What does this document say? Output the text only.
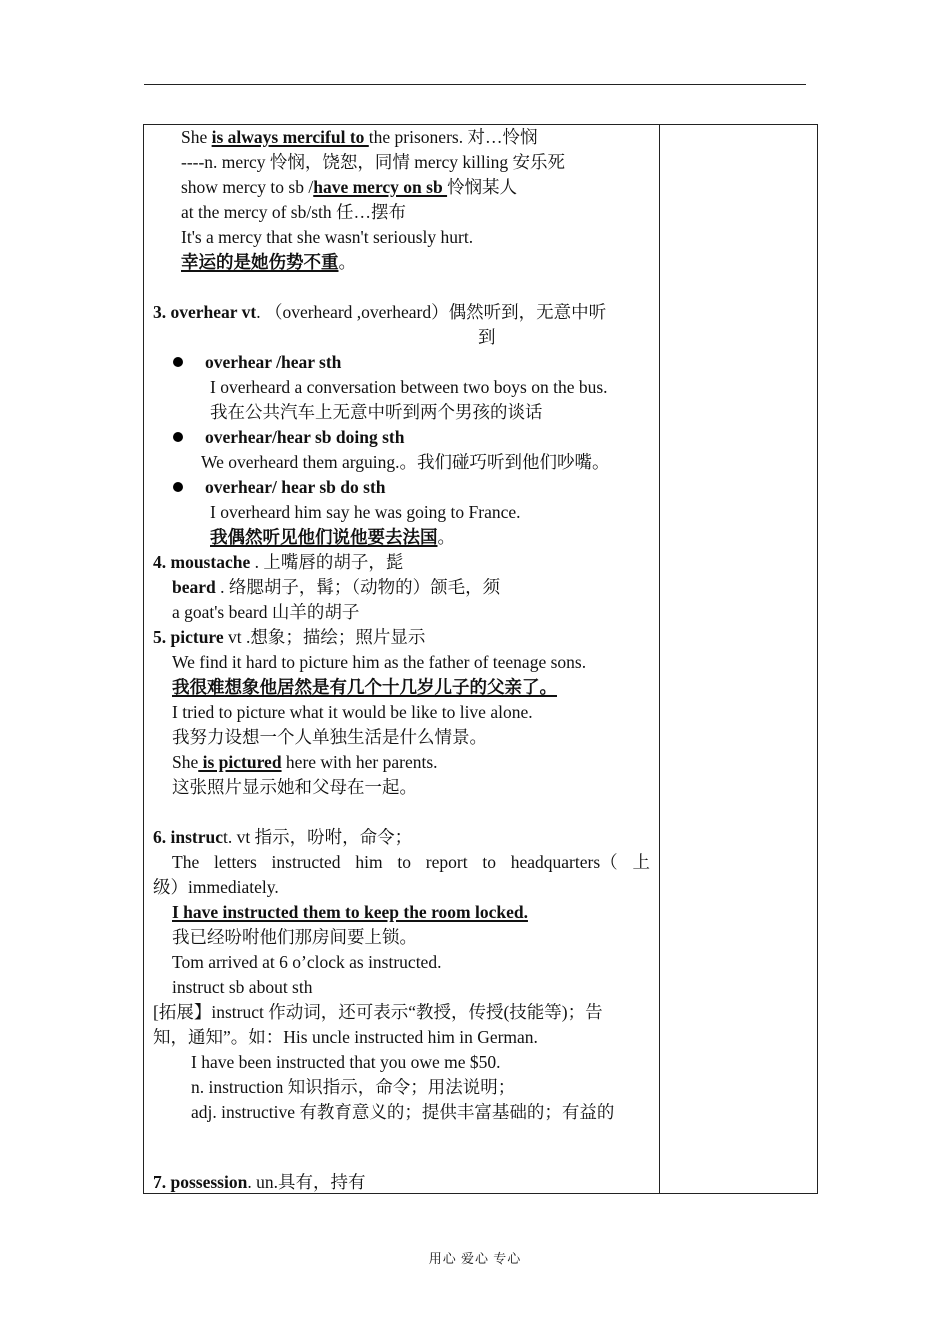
She is always merciful to the prisoners. 对…怜悯
----n. mercy 怜悯，饶恕，同情 mercy killing 安乐死
show mercy to sb /have mercy on sb 怜悯某人
at the mercy of sb/sth 任…摆布
It's a mercy that she wasn't seriously hurt.
幸运的是她伤势不重。
3. overhear vt. （overheard ,overheard）偶然听到，无意中听
到
overhear /hear sth
I overheard a conversation between two boys on the bus.
我在公共汽车上无意中听到两个男孩的谈话
overhear/hear sb doing sth
We overheard them arguing.。我们碰巧听到他们吵嘴。
overhear/ hear sb do sth
I overheard him say he was going to France.
我偶然听见他们说他要去法国。
4. moustache . 上嘴唇的胡子，髭
beard . 络腮胡子，髯；（动物的）颌毛，须
a goat's beard 山羊的胡子
5. picture vt .想象；描绘；照片显示
We find it hard to picture him as the father of teenage sons.
我很难想象他居然是有几个十几岁儿子的父亲了。
I tried to picture what it would be like to live alone.
我努力设想一个人单独生活是什么情景。
She is pictured here with her parents.
这张照片显示她和父母在一起。
6. instruct. vt 指示，吩咐，命令；
The letters instructed him to report to headquarters（ 上
级）immediately.
I have instructed them to keep the room locked.
我已经吩咐他们那房间要上锁。
Tom arrived at 6 o’clock as instructed.
instruct sb about sth
[拓展】instruct 作动词，还可表示“教授，传授(技能等)；告
知，通知”。如：His uncle instructed him in German.
I have been instructed that you owe me $50.
n. instruction 知识指示，命令；用法说明；
adj. instructive 有教育意义的；提供丰富基础的；有益的
7. possession. un.具有，持有
用心 爱心 专心
